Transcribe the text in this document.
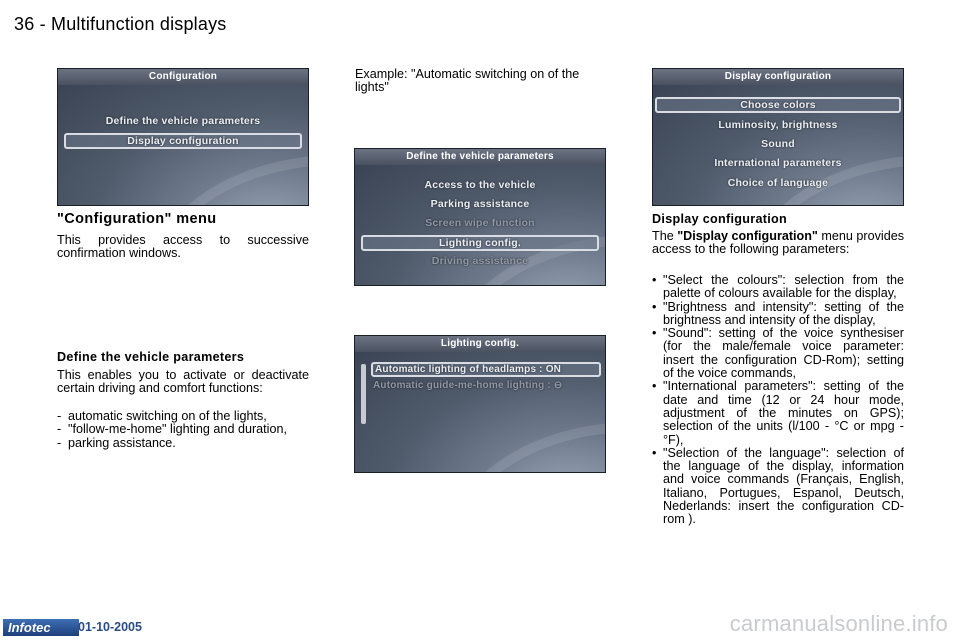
36 - Multifunction displays
Configuration
Define the vehicle parameters
Display configuration
"Configuration" menu
This provides access to successive confirmation windows.
Define the vehicle parameters
This enables you to activate or deactivate certain driving and comfort functions:
- automatic switching on of the lights,
- "follow-me-home" lighting and duration,
- parking assistance.
Example: "Automatic switching on of the lights"
Define the vehicle parameters
Access to the vehicle
Parking assistance
Screen wipe function
Lighting config.
Driving assistance
Lighting config.
Automatic lighting of headlamps : ON
Automatic guide-me-home lighting : ⊖
Display configuration
Choose colors
Luminosity, brightness
Sound
International parameters
Choice of language
Display configuration
The "Display configuration" menu provides access to the following parameters:
• "Select the colours": selection from the palette of colours available for the display,
• "Brightness and intensity": setting of the brightness and intensity of the display,
• "Sound": setting of the voice synthesiser (for the male/female voice parameter: insert the configuration CD-Rom); setting of the voice commands,
• "International parameters": setting of the date and time (12 or 24 hour mode, adjustment of the minutes on GPS); selection of the units (l/100 - °C or mpg - °F),
• "Selection of the language": selection of the language of the display, information and voice commands (Français, English, Italiano, Portugues, Espanol, Deutsch, Nederlands: insert the configuration CD-rom ).
Infotec	01-10-2005	carmanualsonline.info
